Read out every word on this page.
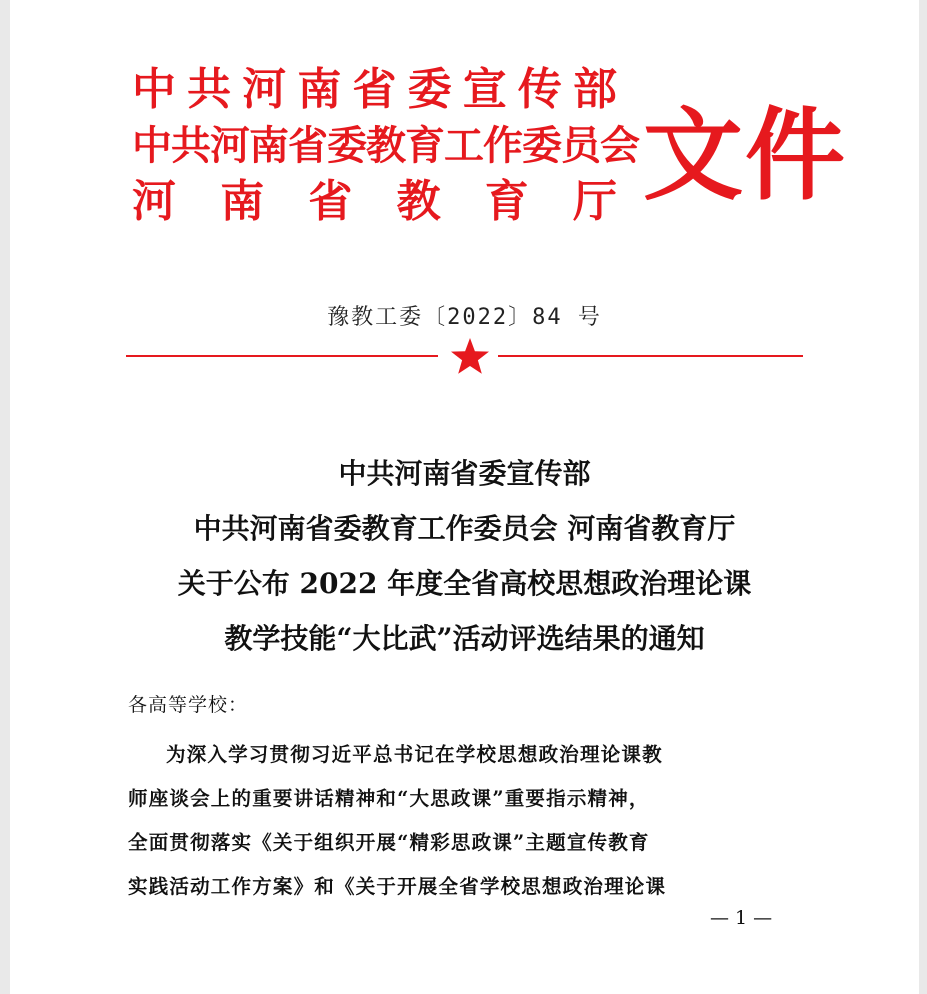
中 共 河 南 省 委 宣 传 部
中 共 河 南 省 委 教 育 工 作 委 员 会
河 南 省 教 育 厅 文件
豫教工委〔2022〕84 号
中共河南省委宣传部
中共河南省委教育工作委员会 河南省教育厅
关于公布 2022 年度全省高校思想政治理论课
教学技能“大比武”活动评选结果的通知
各高等学校：
为深入学习贯彻习近平总书记在学校思想政治理论课教
师座谈会上的重要讲话精神和“大思政课”重要指示精神，
全面贯彻落实《关于组织开展“精彩思政课”主题宣传教育
实践活动工作方案》和《关于开展全省学校思想政治理论课
— 1 —
